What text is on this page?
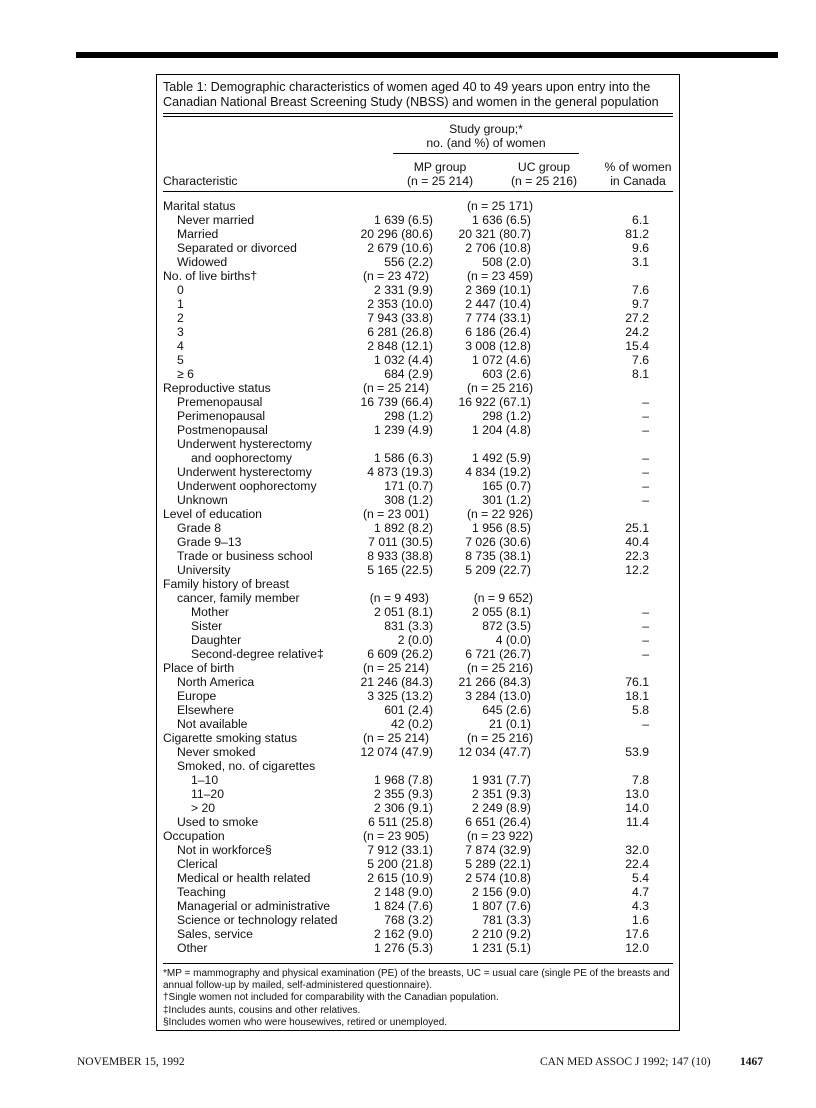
Table 1: Demographic characteristics of women aged 40 to 49 years upon entry into the Canadian National Breast Screening Study (NBSS) and women in the general population
Study group;*
no. (and %) of women
Characteristic
MP group
(n = 25 214)
UC group
(n = 25 216)
% of women
in Canada
Marital status	(n = 25 171)
Never married	1 639 (6.5)	1 636 (6.5)	6.1
Married	20 296 (80.6) 20 321 (80.7)	81.2
Separated or divorced	2 679 (10.6)	2 706 (10.8)	9.6
Widowed	556 (2.2)	508 (2.0)	3.1
No. of live births†	(n = 23 472)	(n = 23 459)
0	2 331 (9.9)	2 369 (10.1)	7.6
1	2 353 (10.0)	2 447 (10.4)	9.7
2	7 943 (33.8)	7 774 (33.1)	27.2
3	6 281 (26.8)	6 186 (26.4)	24.2
4	2 848 (12.1)	3 008 (12.8)	15.4
5	1 032 (4.4)	1 072 (4.6)	7.6
≥ 6	684 (2.9)	603 (2.6)	8.1
Reproductive status	(n = 25 214)	(n = 25 216)
Premenopausal	16 739 (66.4) 16 922 (67.1)	–
Perimenopausal	298 (1.2)	298 (1.2)	–
Postmenopausal	1 239 (4.9)	1 204 (4.8)	–
Underwent hysterectomy
and oophorectomy	1 586 (6.3)	1 492 (5.9)	–
Underwent hysterectomy	4 873 (19.3)	4 834 (19.2)	–
Underwent oophorectomy	171 (0.7)	165 (0.7)	–
Unknown	308 (1.2)	301 (1.2)	–
Level of education	(n = 23 001)	(n = 22 926)
Grade 8	1 892 (8.2)	1 956 (8.5)	25.1
Grade 9–13	7 011 (30.5)	7 026 (30.6)	40.4
Trade or business school	8 933 (38.8)	8 735 (38.1)	22.3
University	5 165 (22.5)	5 209 (22.7)	12.2
Family history of breast
cancer, family member	(n = 9 493)	(n = 9 652)
Mother	2 051 (8.1)	2 055 (8.1)	–
Sister	831 (3.3)	872 (3.5)	–
Daughter	2 (0.0)	4 (0.0)	–
Second-degree relative‡	6 609 (26.2)	6 721 (26.7)	–
Place of birth	(n = 25 214)	(n = 25 216)
North America	21 246 (84.3) 21 266 (84.3)	76.1
Europe	3 325 (13.2)	3 284 (13.0)	18.1
Elsewhere	601 (2.4)	645 (2.6)	5.8
Not available	42 (0.2)	21 (0.1)	–
Cigarette smoking status	(n = 25 214)	(n = 25 216)
Never smoked	12 074 (47.9) 12 034 (47.7)	53.9
Smoked, no. of cigarettes
1–10	1 968 (7.8)	1 931 (7.7)	7.8
11–20	2 355 (9.3)	2 351 (9.3)	13.0
> 20	2 306 (9.1)	2 249 (8.9)	14.0
Used to smoke	6 511 (25.8)	6 651 (26.4)	11.4
Occupation	(n = 23 905)	(n = 23 922)
Not in workforce§	7 912 (33.1)	7 874 (32.9)	32.0
Clerical	5 200 (21.8)	5 289 (22.1)	22.4
Medical or health related	2 615 (10.9)	2 574 (10.8)	5.4
Teaching	2 148 (9.0)	2 156 (9.0)	4.7
Managerial or administrative	1 824 (7.6)	1 807 (7.6)	4.3
Science or technology related	768 (3.2)	781 (3.3)	1.6
Sales, service	2 162 (9.0)	2 210 (9.2)	17.6
Other	1 276 (5.3)	1 231 (5.1)	12.0
*MP = mammography and physical examination (PE) of the breasts, UC = usual care (single PE of the breasts and annual follow-up by mailed, self-administered questionnaire).
†Single women not included for comparability with the Canadian population.
‡Includes aunts, cousins and other relatives.
§Includes women who were housewives, retired or unemployed.
NOVEMBER 15, 1992	CAN MED ASSOC J 1992; 147 (10)	1467
